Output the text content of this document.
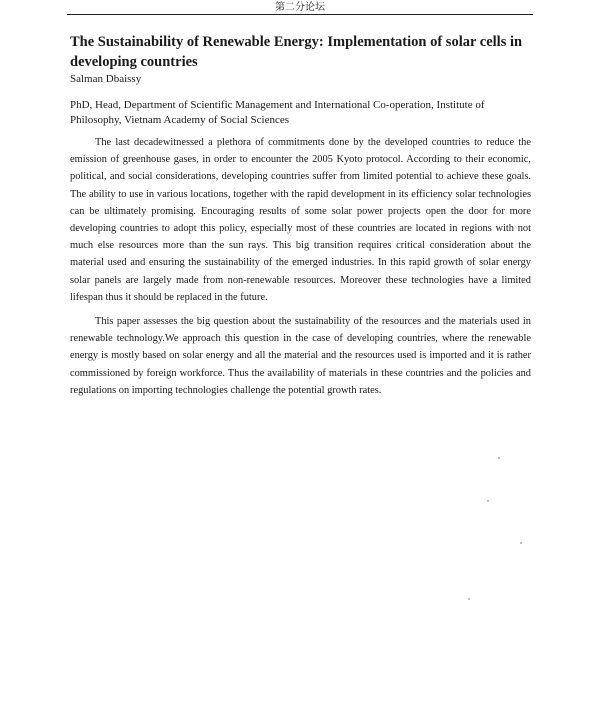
第二分论坛
The Sustainability of Renewable Energy: Implementation of solar cells in developing countries
Salman Dbaissy

PhD, Head, Department of Scientific Management and International Co-operation, Institute of Philosophy, Vietnam Academy of Social Sciences

The last decadewitnessed a plethora of commitments done by the developed countries to reduce the emission of greenhouse gases, in order to encounter the 2005 Kyoto protocol. According to their economic, political, and social considerations, developing countries suffer from limited potential to achieve these goals. The ability to use in various locations, together with the rapid development in its efficiency solar technologies can be ultimately promising. Encouraging results of some solar power projects open the door for more developing countries to adopt this policy, especially most of these countries are located in regions with not much else resources more than the sun rays. This big transition requires critical consideration about the material used and ensuring the sustainability of the emerged industries. In this rapid growth of solar energy solar panels are largely made from non-renewable resources. Moreover these technologies have a limited lifespan thus it should be replaced in the future.

This paper assesses the big question about the sustainability of the resources and the materials used in renewable technology.We approach this question in the case of developing countries, where the renewable energy is mostly based on solar energy and all the material and the resources used is imported and it is rather commissioned by foreign workforce. Thus the availability of materials in these countries and the policies and regulations on importing technologies challenge the potential growth rates.
